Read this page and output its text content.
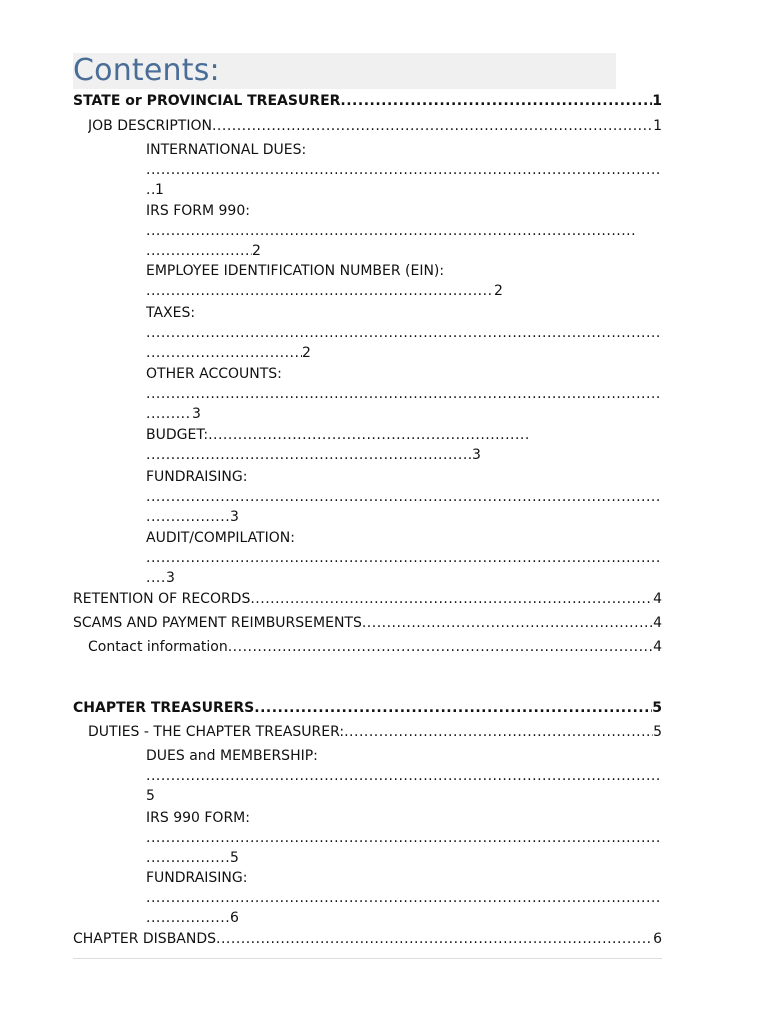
Contents:
STATE or PROVINCIAL TREASURER .....	1
JOB DESCRIPTION .....	1
INTERNATIONAL DUES:
.....
.....1
IRS FORM 990:
.....
.....2
EMPLOYEE IDENTIFICATION NUMBER (EIN):
.....2
TAXES:
.....
.....2
OTHER ACCOUNTS:
.....
.....3
BUDGET:.....
.....3
FUNDRAISING:
.....
.....3
AUDIT/COMPILATION:
.....
.....3
RETENTION OF RECORDS .....	4
SCAMS AND PAYMENT REIMBURSEMENTS .....	4
Contact information .....	4
CHAPTER TREASURERS .....	5
DUTIES - THE CHAPTER TREASURER: .....	5
DUES and MEMBERSHIP:
.....
5
IRS 990 FORM:
.....
.....5
FUNDRAISING:
.....
.....6
CHAPTER DISBANDS .....	6
